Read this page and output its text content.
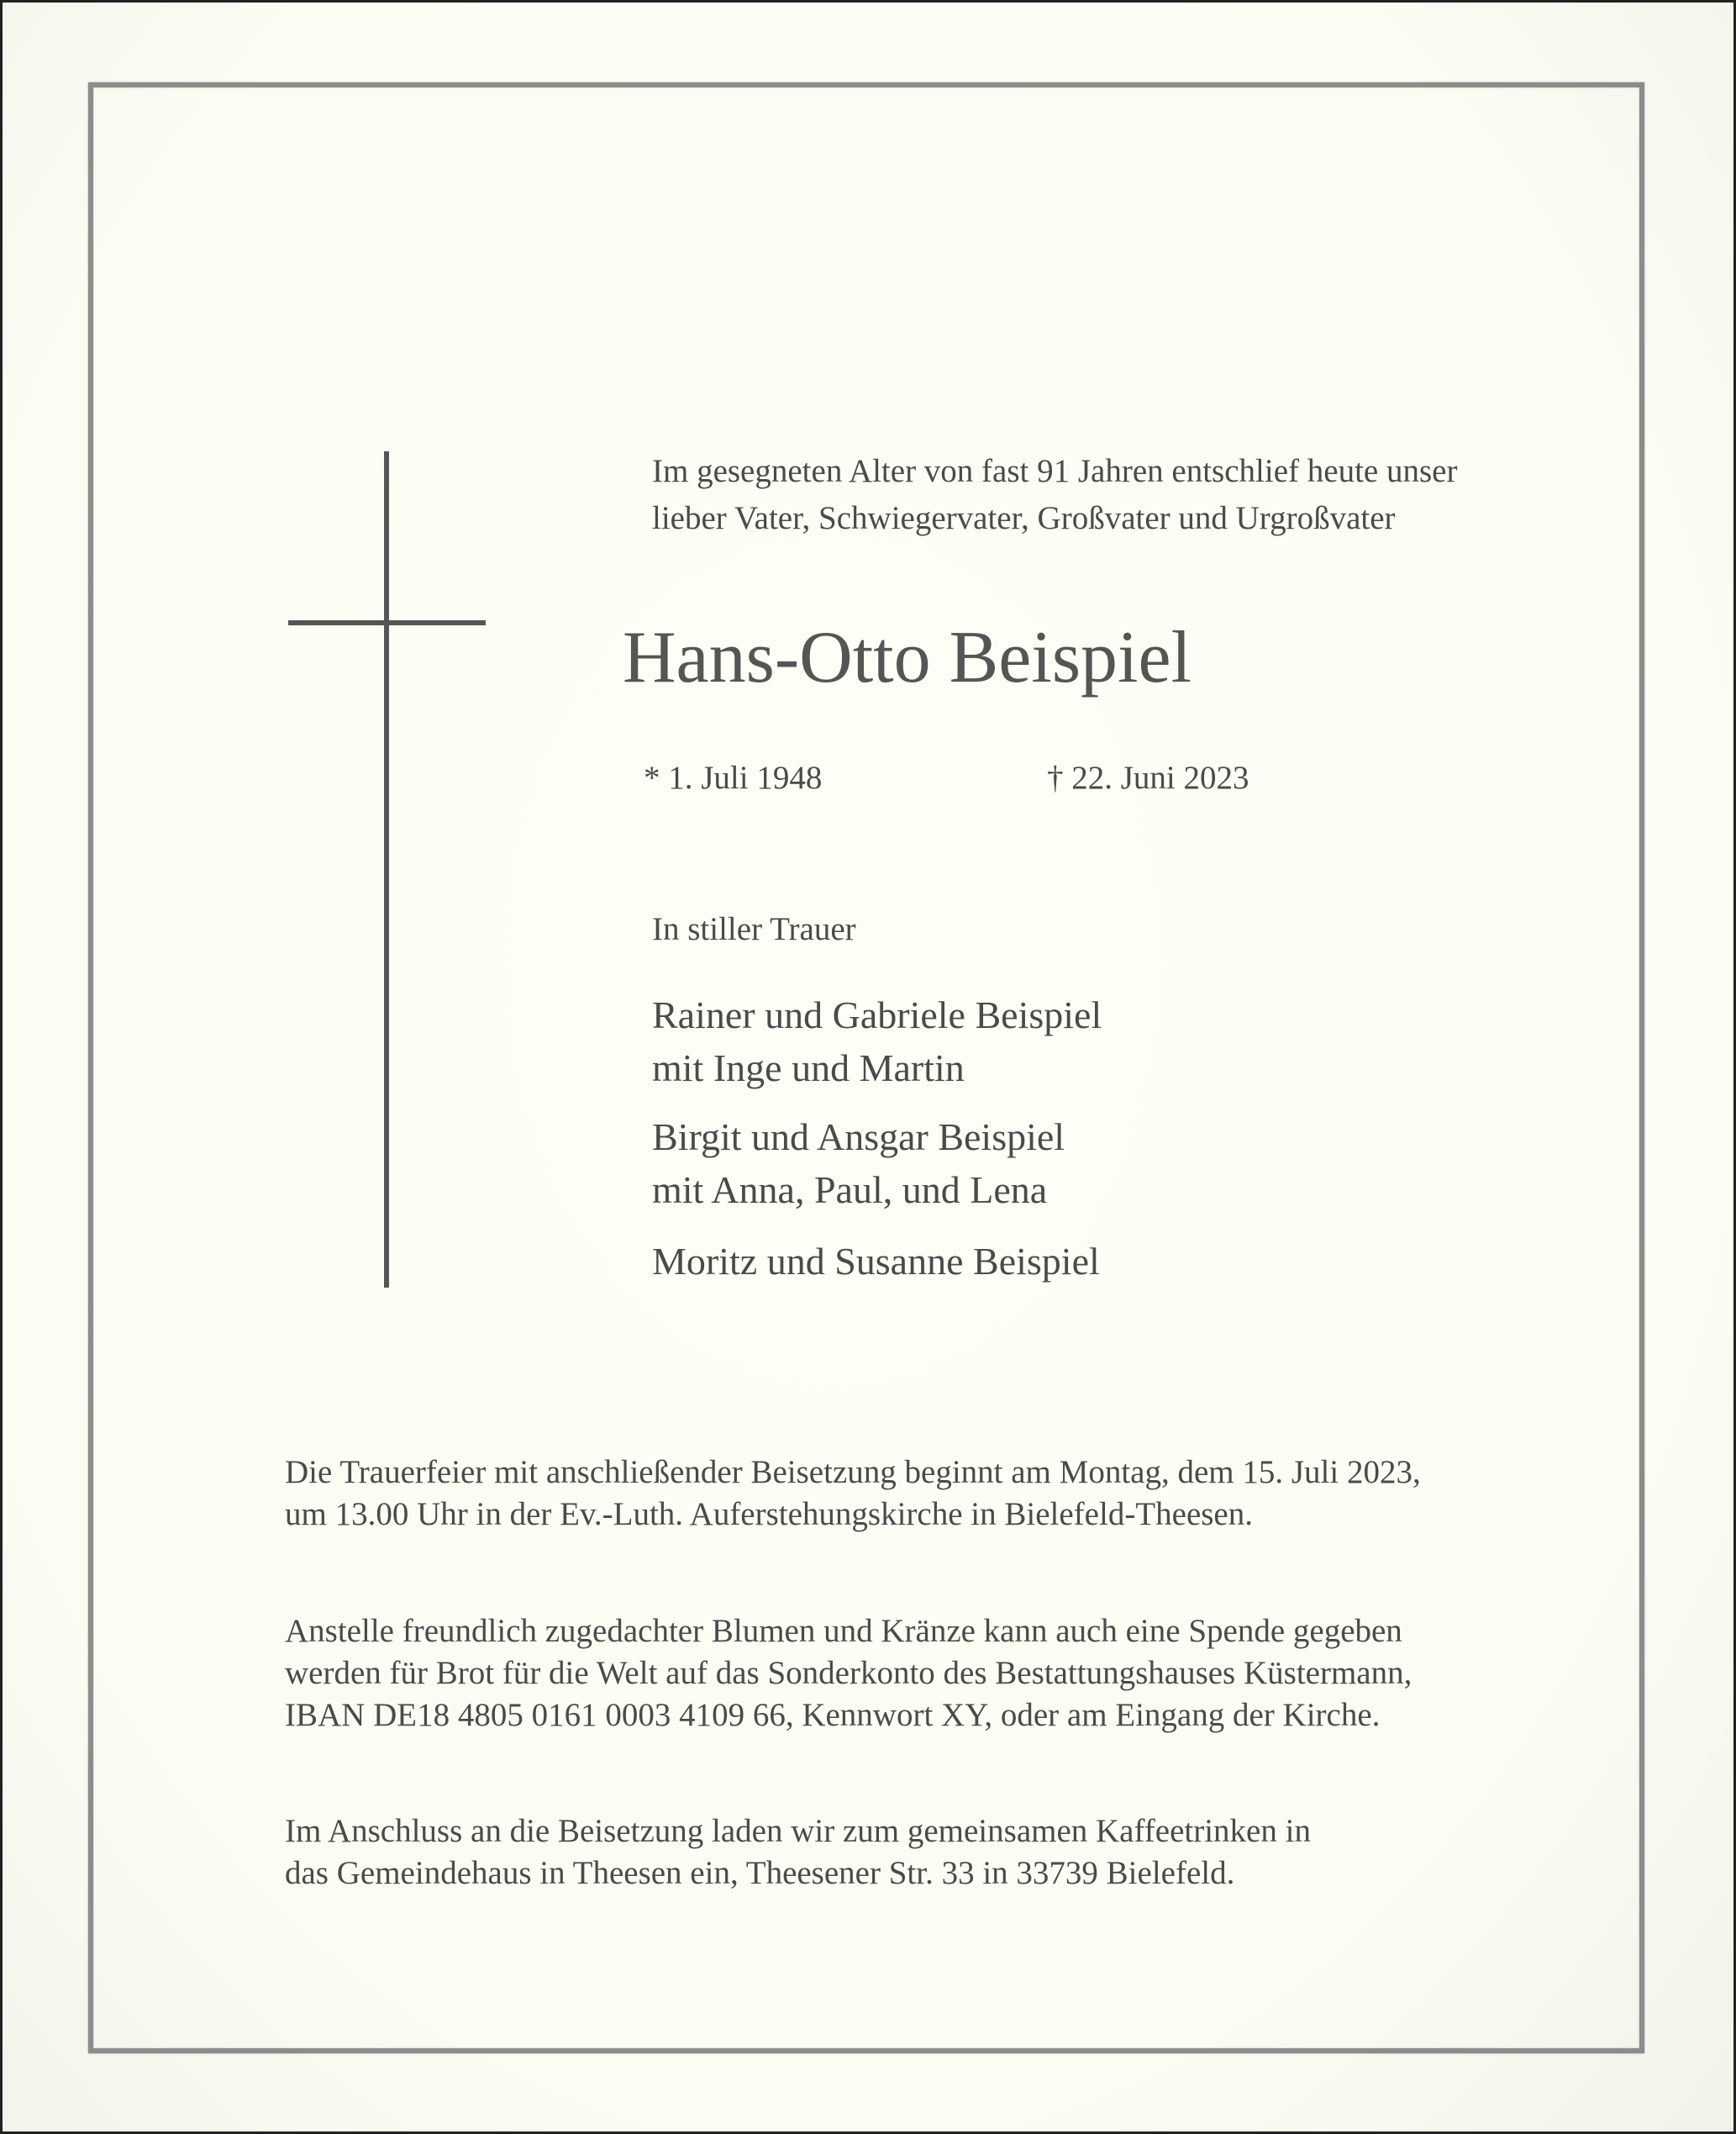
Im gesegneten Alter von fast 91 Jahren entschlief heute unser
lieber Vater, Schwiegervater, Großvater und Urgroßvater

Hans-Otto Beispiel

* 1. Juli 1948	† 22. Juni 2023

In stiller Trauer

Rainer und Gabriele Beispiel
mit Inge und Martin

Birgit und Ansgar Beispiel
mit Anna, Paul, und Lena

Moritz und Susanne Beispiel

Die Trauerfeier mit anschließender Beisetzung beginnt am Montag, dem 15. Juli 2023,
um 13.00 Uhr in der Ev.-Luth. Auferstehungskirche in Bielefeld-Theesen.

Anstelle freundlich zugedachter Blumen und Kränze kann auch eine Spende gegeben
werden für Brot für die Welt auf das Sonderkonto des Bestattungshauses Küstermann,
IBAN DE18 4805 0161 0003 4109 66, Kennwort XY, oder am Eingang der Kirche.

Im Anschluss an die Beisetzung laden wir zum gemeinsamen Kaffeetrinken in
das Gemeindehaus in Theesen ein, Theesener Str. 33 in 33739 Bielefeld.
